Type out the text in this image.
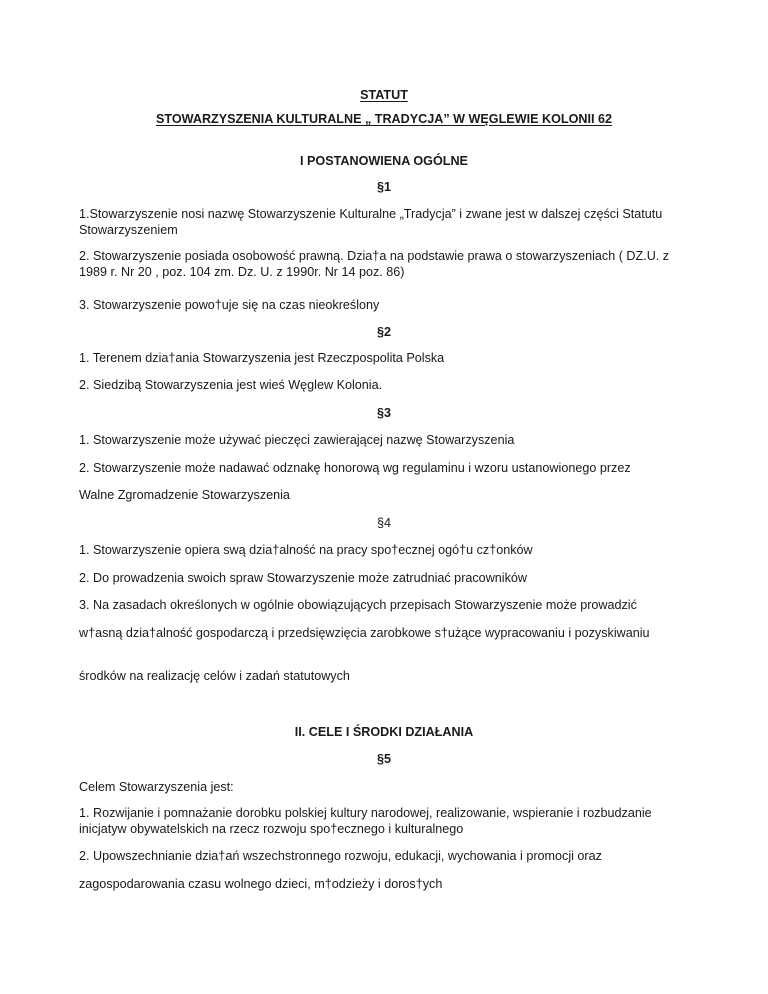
STATUT
STOWARZYSZENIA KULTURALNE „ TRADYCJA” W WĘGLEWIE KOLONII 62
I POSTANOWIENA OGÓLNE
§1
1.Stowarzyszenie nosi nazwę Stowarzyszenie Kulturalne „Tradycja” i zwane jest w dalszej części Statutu Stowarzyszeniem
2. Stowarzyszenie posiada osobowość prawną. Dzia†a na podstawie prawa o stowarzyszeniach ( DZ.U. z 1989 r. Nr 20 , poz. 104 zm. Dz. U. z 1990r. Nr 14 poz. 86)
3. Stowarzyszenie powo†uje się na czas nieokreślony
§2
1. Terenem dzia†ania Stowarzyszenia jest Rzeczpospolita Polska
2. Siedzibą Stowarzyszenia jest wieś Węglew Kolonia.
§3
1. Stowarzyszenie może używać pieczęci zawierającej nazwę Stowarzyszenia
2. Stowarzyszenie może nadawać odznakę honorową wg regulaminu i wzoru ustanowionego przez
Walne Zgromadzenie Stowarzyszenia
§4
1. Stowarzyszenie opiera swą dzia†alność na pracy spo†ecznej ogó†u cz†onków
2. Do prowadzenia swoich spraw Stowarzyszenie może zatrudniać pracowników
3. Na zasadach określonych w ogólnie obowiązujących przepisach Stowarzyszenie może prowadzić
w†asną dzia†alność gospodarczą i przedsięwzięcia zarobkowe s†użące wypracowaniu i pozyskiwaniu
środków na realizację celów i zadań statutowych
II. CELE I ŚRODKI DZIAŁANIA
§5
Celem Stowarzyszenia jest:
1. Rozwijanie i pomnażanie dorobku polskiej kultury narodowej, realizowanie, wspieranie i rozbudzanie inicjatyw obywatelskich na rzecz rozwoju spo†ecznego i kulturalnego
2. Upowszechnianie dzia†ań wszechstronnego rozwoju, edukacji, wychowania i promocji oraz
zagospodarowania czasu wolnego dzieci, m†odzieży i doros†ych
